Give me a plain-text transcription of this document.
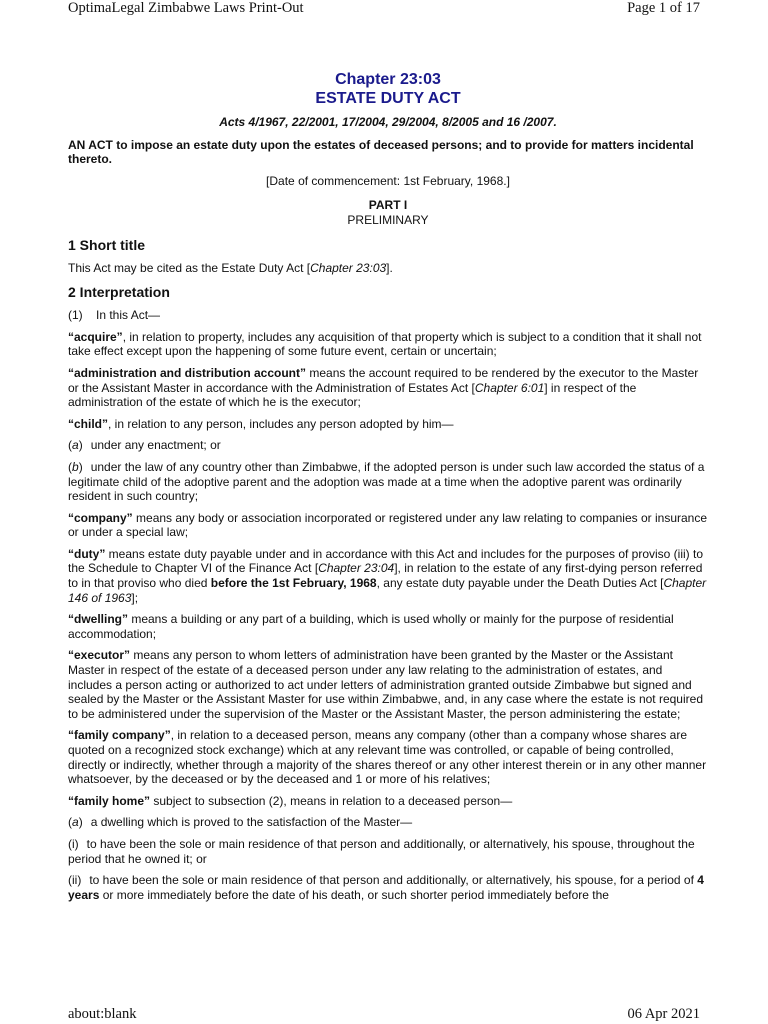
OptimaLegal Zimbabwe Laws Print-Out	Page 1 of 17
Chapter 23:03
ESTATE DUTY ACT
Acts 4/1967, 22/2001, 17/2004, 29/2004, 8/2005 and 16 /2007.
AN ACT to impose an estate duty upon the estates of deceased persons; and to provide for matters incidental thereto.
[Date of commencement: 1st February, 1968.]
PART I
PRELIMINARY
1 Short title

This Act may be cited as the Estate Duty Act [Chapter 23:03].

2 Interpretation

(1)    In this Act—

“acquire”, in relation to property, includes any acquisition of that property which is subject to a condition that it shall not take effect except upon the happening of some future event, certain or uncertain;

“administration and distribution account” means the account required to be rendered by the executor to the Master or the Assistant Master in accordance with the Administration of Estates Act [Chapter 6:01] in respect of the administration of the estate of which he is the executor;

“child”, in relation to any person, includes any person adopted by him—

(a) under any enactment; or

(b) under the law of any country other than Zimbabwe, if the adopted person is under such law accorded the status of a legitimate child of the adoptive parent and the adoption was made at a time when the adoptive parent was ordinarily resident in such country;

“company” means any body or association incorporated or registered under any law relating to companies or insurance or under a special law;

“duty” means estate duty payable under and in accordance with this Act and includes for the purposes of proviso (iii) to the Schedule to Chapter VI of the Finance Act [Chapter 23:04], in relation to the estate of any first-dying person referred to in that proviso who died before the 1st February, 1968, any estate duty payable under the Death Duties Act [Chapter 146 of 1963];

“dwelling” means a building or any part of a building, which is used wholly or mainly for the purpose of residential accommodation;

“executor” means any person to whom letters of administration have been granted by the Master or the Assistant Master in respect of the estate of a deceased person under any law relating to the administration of estates, and includes a person acting or authorized to act under letters of administration granted outside Zimbabwe but signed and sealed by the Master or the Assistant Master for use within Zimbabwe, and, in any case where the estate is not required to be administered under the supervision of the Master or the Assistant Master, the person administering the estate;

“family company”, in relation to a deceased person, means any company (other than a company whose shares are quoted on a recognized stock exchange) which at any relevant time was controlled, or capable of being controlled, directly or indirectly, whether through a majority of the shares thereof or any other interest therein or in any other manner whatsoever, by the deceased or by the deceased and 1 or more of his relatives;

“family home” subject to subsection (2), means in relation to a deceased person—

(a) a dwelling which is proved to the satisfaction of the Master—

(i) to have been the sole or main residence of that person and additionally, or alternatively, his spouse, throughout the period that he owned it; or

(ii) to have been the sole or main residence of that person and additionally, or alternatively, his spouse, for a period of 4 years or more immediately before the date of his death, or such shorter period immediately before the

about:blank	06 Apr 2021
